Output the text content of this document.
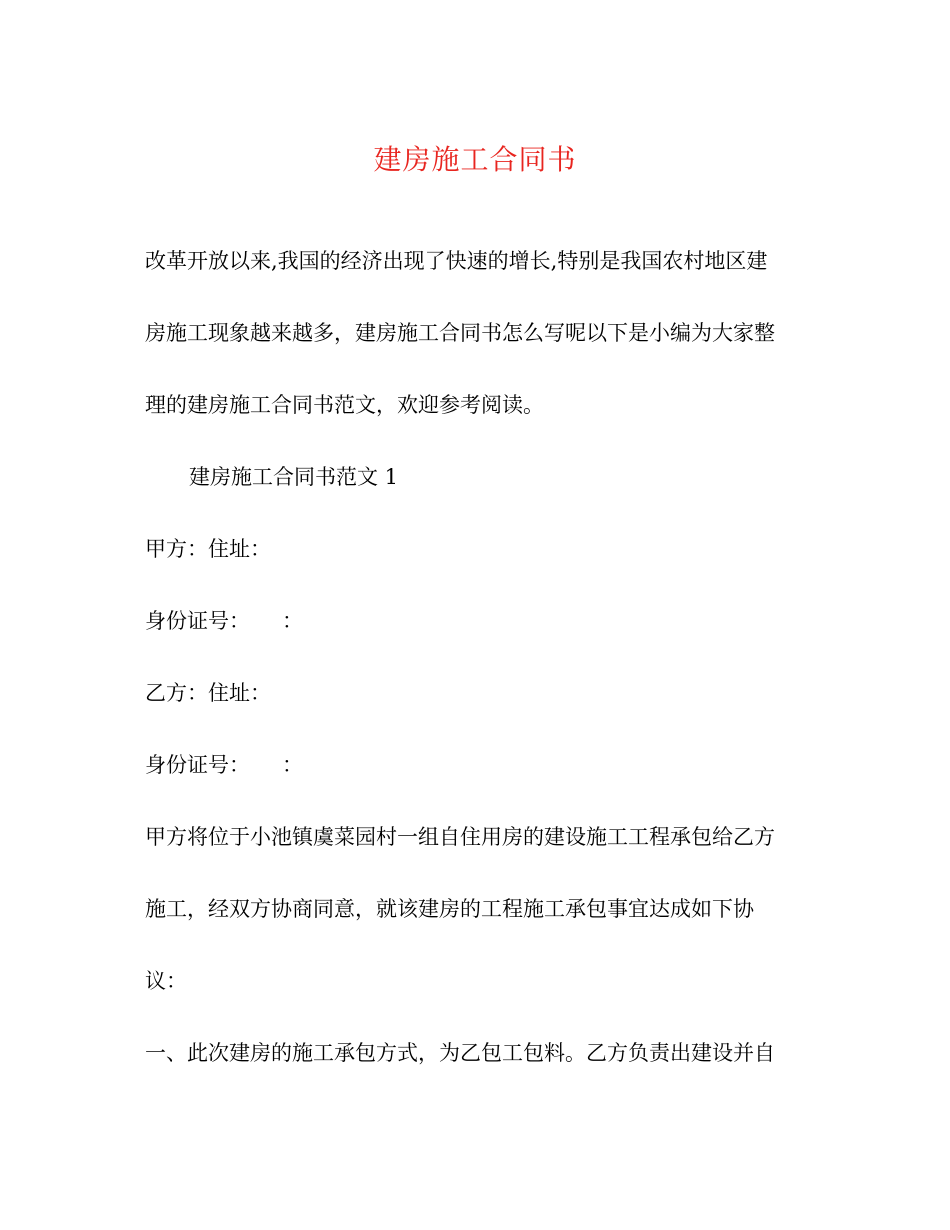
建房施工合同书

改革开放以来,我国的经济出现了快速的增长,特别是我国农村地区建

房施工现象越来越多，建房施工合同书怎么写呢以下是小编为大家整

理的建房施工合同书范文，欢迎参考阅读。

建房施工合同书范文 1

甲方：住址：

身份证号： ：

乙方：住址：

身份证号： ：

甲方将位于小池镇虞菜园村一组自住用房的建设施工工程承包给乙方

施工，经双方协商同意，就该建房的工程施工承包事宜达成如下协

议：

一、此次建房的施工承包方式，为乙包工包料。乙方负责出建设并自
